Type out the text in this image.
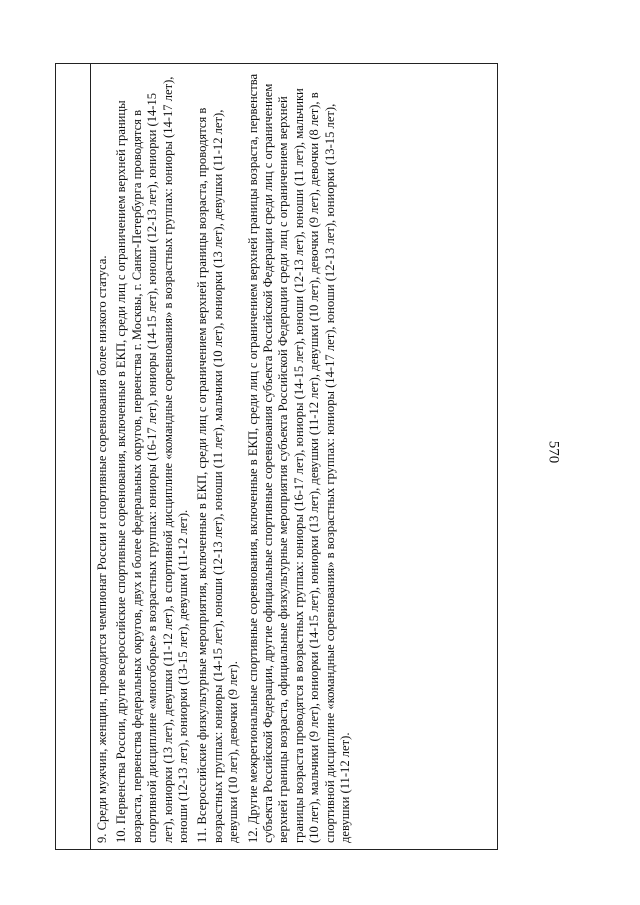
570

9. Среди мужчин, женщин, проводится чемпионат России и спортивные соревнования более низкого статуса. 10. Первенства России, другие всероссийские спортивные соревнования, включенные в ЕКП, среди лиц с ограничением верхней границы возраста, первенства федеральных округов, двух и более федеральных округов, первенства г. Москвы, г. Санкт-Петербурга проводятся в спортивной дисциплине «многоборье» в возрастных группах: юниоры (16-17 лет), юниоры (14-15 лет), юноши (12-13 лет), юниорки (14-15 лет), юниорки (13 лет), девушки (11-12 лет), в спортивной дисциплине «командные соревнования» в возрастных группах: юниоры (14-17 лет), юноши (12-13 лет), юниорки (13-15 лет), девушки (11-12 лет). 11. Всероссийские физкультурные мероприятия, включенные в ЕКП, среди лиц с ограничением верхней границы возраста, проводятся в возрастных группах: юниоры (14-15 лет), юноши (12-13 лет), юноши (11 лет), мальчики (10 лет), юниорки (13 лет), девушки (11-12 лет), девушки (10 лет), девочки (9 лет). 12. Другие межрегиональные спортивные соревнования, включенные в ЕКП, среди лиц с ограничением верхней границы возраста, первенства субъекта Российской Федерации, другие официальные спортивные соревнования субъекта Российской Федерации среди лиц с ограничением верхней границы возраста, официальные физкультурные мероприятия субъекта Российской Федерации среди лиц с ограничением верхней границы возраста проводятся в возрастных группах: юниоры (16-17 лет), юниоры (14-15 лет), юноши (12-13 лет), юноши (11 лет), мальчики (10 лет), мальчики (9 лет), юниорки (14-15 лет), юниорки (13 лет), девушки (11-12 лет), девушки (10 лет), девочки (9 лет), девочки (8 лет), в спортивной дисциплине «командные соревнования» в возрастных группах: юниоры (14-17 лет), юноши (12-13 лет), юниорки (13-15 лет), девушки (11-12 лет).
